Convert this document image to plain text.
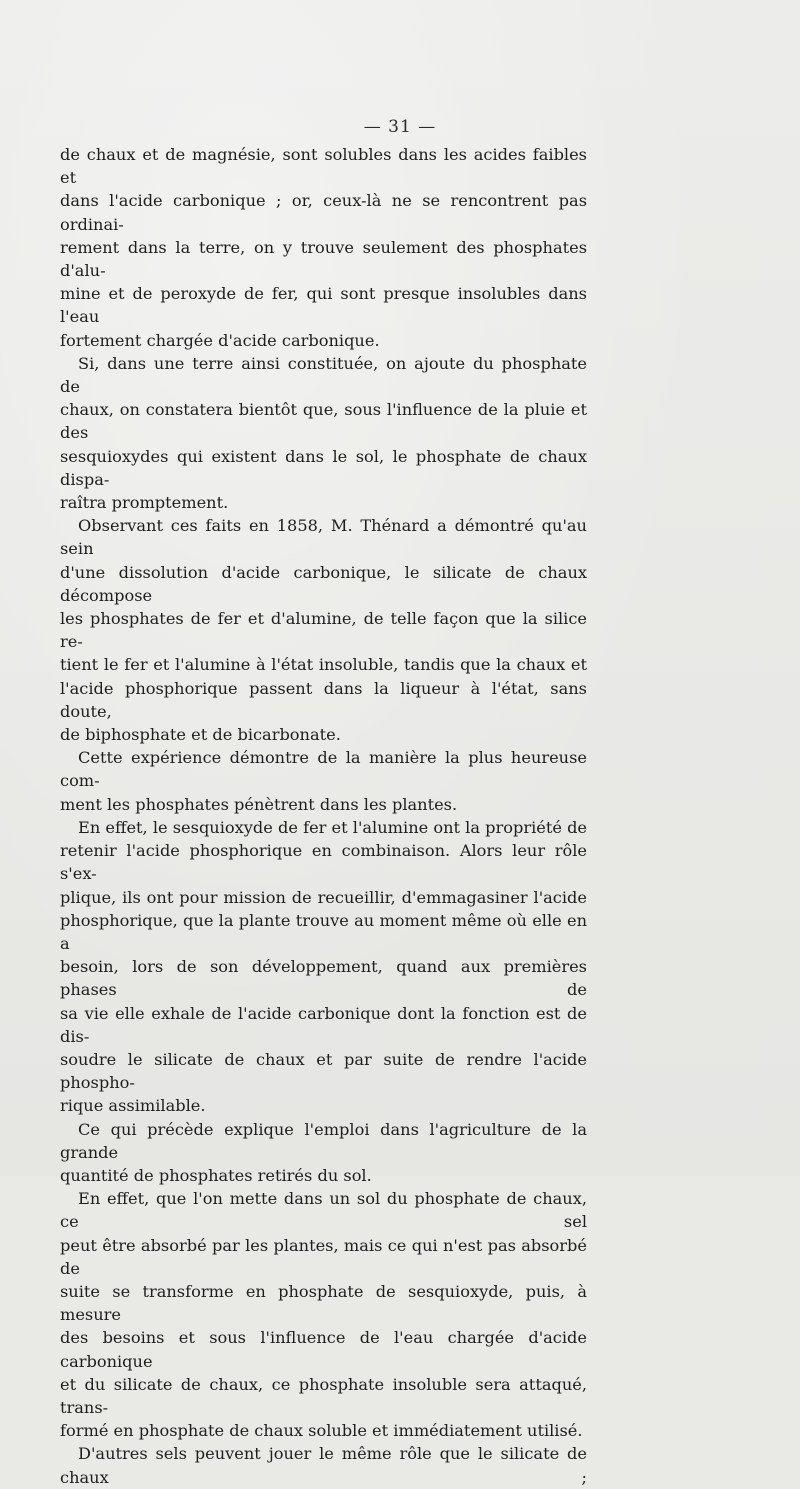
— 31 —

de chaux et de magnésie, sont solubles dans les acides faibles et

dans l'acide carbonique ; or, ceux-là ne se rencontrent pas ordinai-

rement dans la terre, on y trouve seulement des phosphates d'alu-

mine et de peroxyde de fer, qui sont presque insolubles dans l'eau

fortement chargée d'acide carbonique.

Si, dans une terre ainsi constituée, on ajoute du phosphate de

chaux, on constatera bientôt que, sous l'influence de la pluie et des

sesquioxydes qui existent dans le sol, le phosphate de chaux dispa-

raîtra promptement.

Observant ces faits en 1858, M. Thénard a démontré qu'au sein

d'une dissolution d'acide carbonique, le silicate de chaux décompose

les phosphates de fer et d'alumine, de telle façon que la silice re-

tient le fer et l'alumine à l'état insoluble, tandis que la chaux et

l'acide phosphorique passent dans la liqueur à l'état, sans doute,

de biphosphate et de bicarbonate.

Cette expérience démontre de la manière la plus heureuse com-

ment les phosphates pénètrent dans les plantes.

En effet, le sesquioxyde de fer et l'alumine ont la propriété de

retenir l'acide phosphorique en combinaison. Alors leur rôle s'ex-

plique, ils ont pour mission de recueillir, d'emmagasiner l'acide

phosphorique, que la plante trouve au moment même où elle en a

besoin, lors de son développement, quand aux premières phases de

sa vie elle exhale de l'acide carbonique dont la fonction est de dis-

soudre le silicate de chaux et par suite de rendre l'acide phospho-

rique assimilable.

Ce qui précède explique l'emploi dans l'agriculture de la grande

quantité de phosphates retirés du sol.

En effet, que l'on mette dans un sol du phosphate de chaux, ce sel

peut être absorbé par les plantes, mais ce qui n'est pas absorbé de

suite se transforme en phosphate de sesquioxyde, puis, à mesure

des besoins et sous l'influence de l'eau chargée d'acide carbonique

et du silicate de chaux, ce phosphate insoluble sera attaqué, trans-

formé en phosphate de chaux soluble et immédiatement utilisé.

D'autres sels peuvent jouer le même rôle que le silicate de chaux ;
